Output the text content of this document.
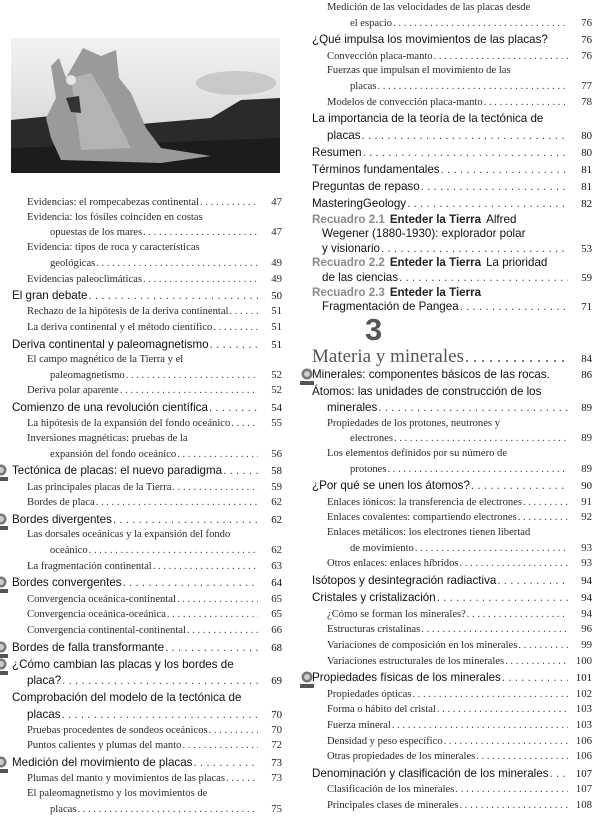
Evidencias: el rompecabezas continental . . .	47
Evidencia: los fósiles coinciden en costas
opuestas de los mares . . .	47
Evidencia: tipos de roca y características
geológicas . . .	49
Evidencias paleoclimáticas . . .	49
El gran debate . . .	50
Rechazo de la hipótesis de la deriva continental . . .	51
La deriva continental y el método científico . . .	51
Deriva continental y paleomagnetismo . . .	51
El campo magnético de la Tierra y el
paleomagnetismo . . .	52
Deriva polar aparente . . .	52
Comienzo de una revolución científica . . .	54
La hipótesis de la expansión del fondo oceánico . . .	55
Inversiones magnéticas: pruebas de la
expansión del fondo oceánico . . .	56
Tectónica de placas: el nuevo paradigma . . .	58
Las principales placas de la Tierra . . .	59
Bordes de placa . . .	62
Bordes divergentes . . .	62
Las dorsales oceánicas y la expansión del fondo
oceánico . . .	62
La fragmentación continental . . .	63
Bordes convergentes . . .	64
Convergencia oceánica-continental . . .	65
Convergencia oceánica-oceánica . . .	65
Convergencia continental-continental . . .	66
Bordes de falla transformante . . .	68
¿Cómo cambian las placas y los bordes de
placa? . . .	69
Comprobación del modelo de la tectónica de
placas . . .	70
Pruebas procedentes de sondeos oceánicos . . .	70
Puntos calientes y plumas del manto . . .	72
Medición del movimiento de placas . . .	73
Plumas del manto y movimientos de las placas . . .	73
El paleomagnetismo y los movimientos de
placas . . .	75
Medición de las velocidades de las placas desde
el espacio . . .	76
¿Qué impulsa los movimientos de las placas?	76
Convección placa-manto . . .	76
Fuerzas que impulsan el movimiento de las
placas . . .	77
Modelos de convección placa-manto . . .	78
La importancia de la teoría de la tectónica de
placas . . .	80
Resumen . . .	80
Términos fundamentales . . .	81
Preguntas de repaso . . .	81
MasteringGeology . . .	82
Recuadro 2.1 Enteder la Tierra Alfred
Wegener (1880-1930): explorador polar
y visionario . . .	53
Recuadro 2.2 Enteder la Tierra La prioridad
de las ciencias . . .	59
Recuadro 2.3 Enteder la Tierra
Fragmentación de Pangea . . .	71
3
Materia y minerales . . .	84
Minerales: componentes básicos de las rocas.	86
Átomos: las unidades de construcción de los
minerales . . .	89
Propiedades de los protones, neutrones y
electrones . . .	89
Los elementos definidos por su número de
protones . . .	89
¿Por qué se unen los átomos? . . .	90
Enlaces iónicos: la transferencia de electrones . . .	91
Enlaces covalentes: compartiendo electrones . . .	92
Enlaces metálicos: los electrones tienen libertad
de movimiento . . .	93
Otros enlaces: enlaces híbridos . . .	93
Isótopos y desintegración radiactiva . . .	94
Cristales y cristalización . . .	94
¿Cómo se forman los minerales? . . .	94
Estructuras cristalinas . . .	96
Variaciones de composición en los minerales . . .	99
Variaciones estructurales de los minerales . . .	100
Propiedades físicas de los minerales . . .	101
Propiedades ópticas . . .	102
Forma o hábito del cristal . . .	103
Fuerza mineral . . .	103
Densidad y peso específico . . .	106
Otras propiedades de los minerales . . .	106
Denominación y clasificación de los minerales . . .	107
Clasificación de los minerales . . .	107
Principales clases de minerales . . .	108
